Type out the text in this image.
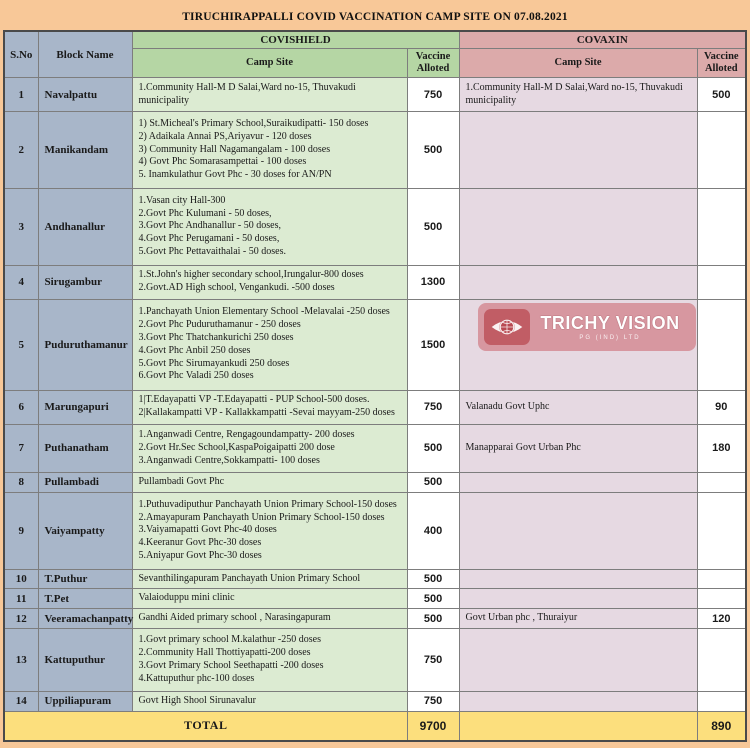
TIRUCHIRAPPALLI COVID VACCINATION CAMP SITE ON 07.08.2021
S.No	Block Name	COVISHIELD		COVAXIN	
		Camp Site	Vaccine Alloted	Camp Site	Vaccine Alloted
1	Navalpattu	1.Community Hall-M D Salai,Ward no-15, Thuvakudi municipality	750	1.Community Hall-M D Salai,Ward no-15, Thuvakudi municipality	500
2	Manikandam	1) St.Micheal's Primary School,Suraikudipatti- 150 doses
2) Adaikala Annai PS,Ariyavur - 120 doses
3) Community Hall Nagamangalam - 100 doses
4) Govt Phc Somarasampettai - 100 doses
5. Inamkulathur Govt Phc - 30 doses for AN/PN	500		
3	Andhanallur	1.Vasan city Hall-300
2.Govt Phc Kulumani - 50 doses,
3.Govt Phc Andhanallur - 50 doses,
4.Govt Phc Perugamani - 50 doses,
5.Govt Phc Pettavaithalai - 50 doses.	500		
4	Sirugambur	1.St.John's higher secondary school,Irungalur-800 doses
2.Govt.AD High school, Vengankudi. -500 doses	1300		
5	Puduruthamanur	
1.Panchayath Union Elementary School -Melavalai -250 doses
2.Govt Phc Puduruthamanur - 250 doses
3.Govt Phc Thatchankurichi 250 doses
4.Govt Phc Anbil 250 doses
5.Govt Phc Sirumayankudi 250 doses
6.Govt Phc Valadi 250 doses
	1500		
6	Marungapuri	1|T.Edayapatti VP -T.Edayapatti - PUP School-500 doses.
2|Kallakampatti VP - Kallakkampatti -Sevai mayyam-250 doses	750	Valanadu Govt Uphc	90
7	Puthanatham	1.Anganwadi Centre, Rengagoundampatty- 200 doses
2.Govt Hr.Sec School,KaspaPoigaipatti 200 dose
3.Anganwadi Centre,Sokkampatti- 100 doses	500	Manapparai Govt Urban Phc	180
8	Pullambadi	Pullambadi Govt Phc	500		
9	Vaiyampatty	1.Puthuvadiputhur Panchayath Union Primary School-150 doses
2.Amayapuram Panchayath Union Primary School-150 doses
3.Vaiyamapatti Govt Phc-40 doses
4.Keeranur Govt Phc-30 doses
5.Aniyapur Govt Phc-30 doses	400		
10	T.Puthur	Sevanthilingapuram Panchayath Union Primary School	500		
11	T.Pet	Valaioduppu mini clinic	500		
12	Veeramachanpatty	Gandhi Aided primary school , Narasingapuram	500	Govt Urban phc , Thuraiyur	120
13	Kattuputhur	1.Govt primary school M.kalathur -250 doses
2.Community Hall Thottiyapatti-200 doses
3.Govt Primary School Seethapatti -200 doses
4.Kattuputhur phc-100 doses	750		
14	Uppiliapuram	Govt High Shool Sirunavalur	750		
TOTAL			9700		890
TRICHY VISION
PG (IND) LTD
